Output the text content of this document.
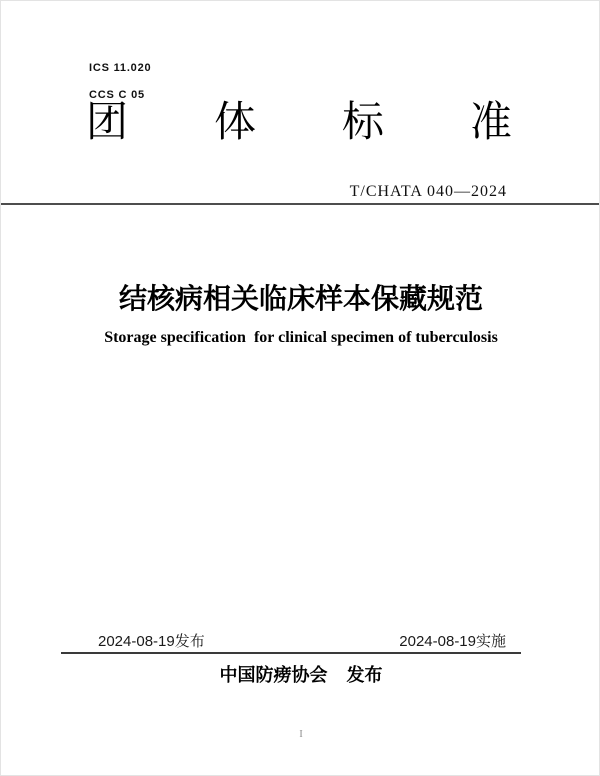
ICS 11.020
CCS C 05
团 体 标 准
T/CHATA 040—2024
结核病相关临床样本保藏规范
Storage specification  for clinical specimen of tuberculosis
2024-08-19发布	2024-08-19实施
中国防痨协会 发布
I
